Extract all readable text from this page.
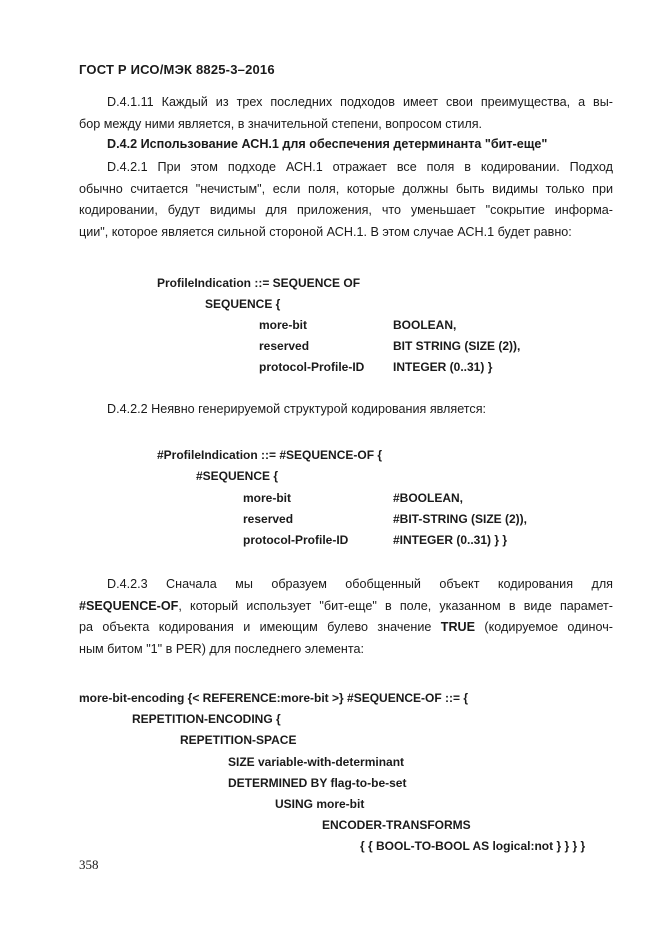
ГОСТ Р ИСО/МЭК 8825-3–2016
D.4.1.11 Каждый из трех последних подходов имеет свои преимущества, а вы-
бор между ними является, в значительной степени, вопросом стиля.
D.4.2 Использование АСН.1 для обеспечения детерминанта "бит-еще"
D.4.2.1 При этом подходе АСН.1 отражает все поля в кодировании. Подход
обычно считается "нечистым", если поля, которые должны быть видимы только при
кодировании, будут видимы для приложения, что уменьшает "сокрытие информа-
ции", которое является сильной стороной АСН.1. В этом случае АСН.1 будет равно:
ProfileIndication ::= SEQUENCE OF
SEQUENCE {
more-bit	BOOLEAN,
reserved	BIT STRING (SIZE (2)),
protocol-Profile-ID INTEGER (0..31) }
D.4.2.2 Неявно генерируемой структурой кодирования является:
#ProfileIndication ::= #SEQUENCE-OF {
#SEQUENCE {
more-bit	#BOOLEAN,
reserved	#BIT-STRING (SIZE (2)),
protocol-Profile-ID	#INTEGER (0..31) } }
D.4.2.3 Сначала мы образуем обобщенный объект кодирования для
#SEQUENCE-OF, который использует "бит-еще" в поле, указанном в виде парамет-
ра объекта кодирования и имеющим булево значение TRUE (кодируемое одиноч-
ным битом "1" в PER) для последнего элемента:
more-bit-encoding {< REFERENCE:more-bit >} #SEQUENCE-OF ::= {
REPETITION-ENCODING {
REPETITION-SPACE
SIZE variable-with-determinant
DETERMINED BY flag-to-be-set
USING more-bit
ENCODER-TRANSFORMS
{ { BOOL-TO-BOOL AS logical:not } } } }
358
